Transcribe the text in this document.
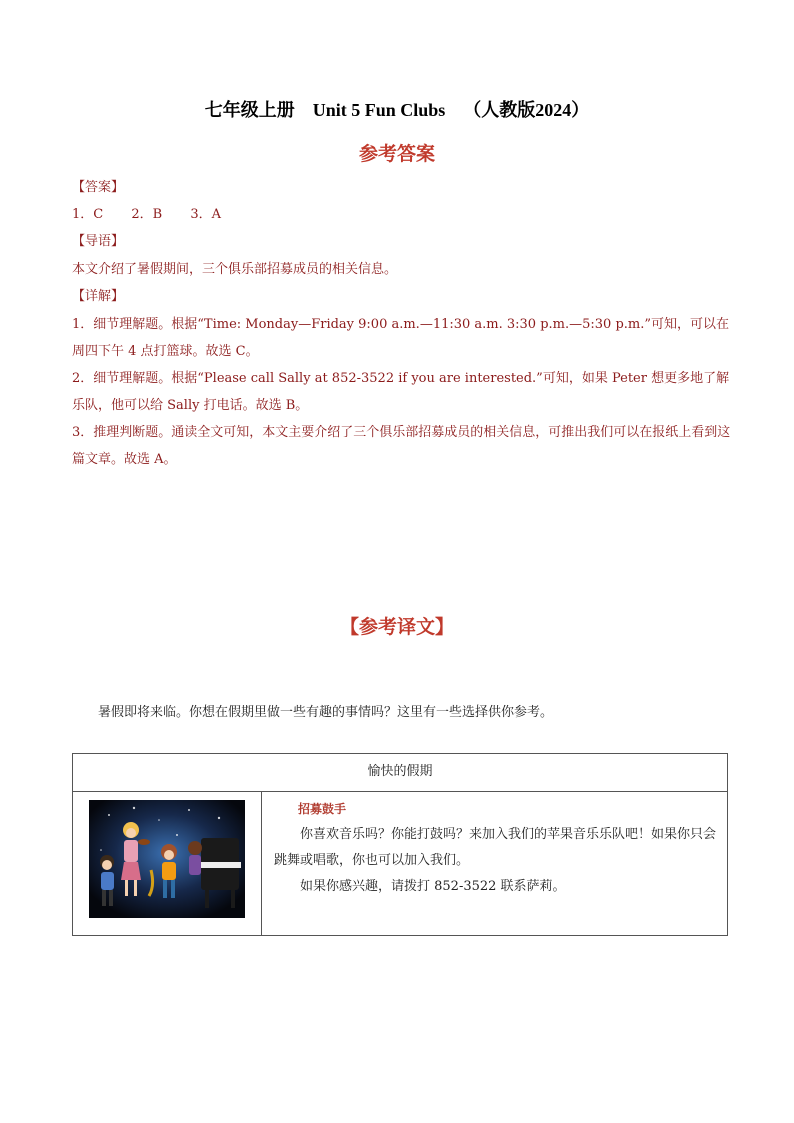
七年级上册    Unit 5 Fun Clubs    （人教版2024）
参考答案
【答案】
1．C 2．B 3．A
【导语】
本文介绍了暑假期间，三个俱乐部招募成员的相关信息。
【详解】

1．细节理解题。根据“Time: Monday—Friday 9:00 a.m.—11:30 a.m. 3:30 p.m.—5:30 p.m.”可知，可以在周四下午 4 点打篮球。故选 C。

2．细节理解题。根据“Please call Sally at 852-3522 if you are interested.”可知，如果 Peter 想更多地了解乐队，他可以给 Sally 打电话。故选 B。

3．推理判断题。通读全文可知，本文主要介绍了三个俱乐部招募成员的相关信息，可推出我们可以在报纸上看到这篇文章。故选 A。

【参考译文】
暑假即将来临。你想在假期里做一些有趣的事情吗？这里有一些选择供你参考。
愉快的假期
招募鼓手

你喜欢音乐吗？你能打鼓吗？来加入我们的苹果音乐乐队吧！如果你只会跳舞或唱歌，你也可以加入我们。

如果你感兴趣，请拨打 852-3522 联系萨莉。
